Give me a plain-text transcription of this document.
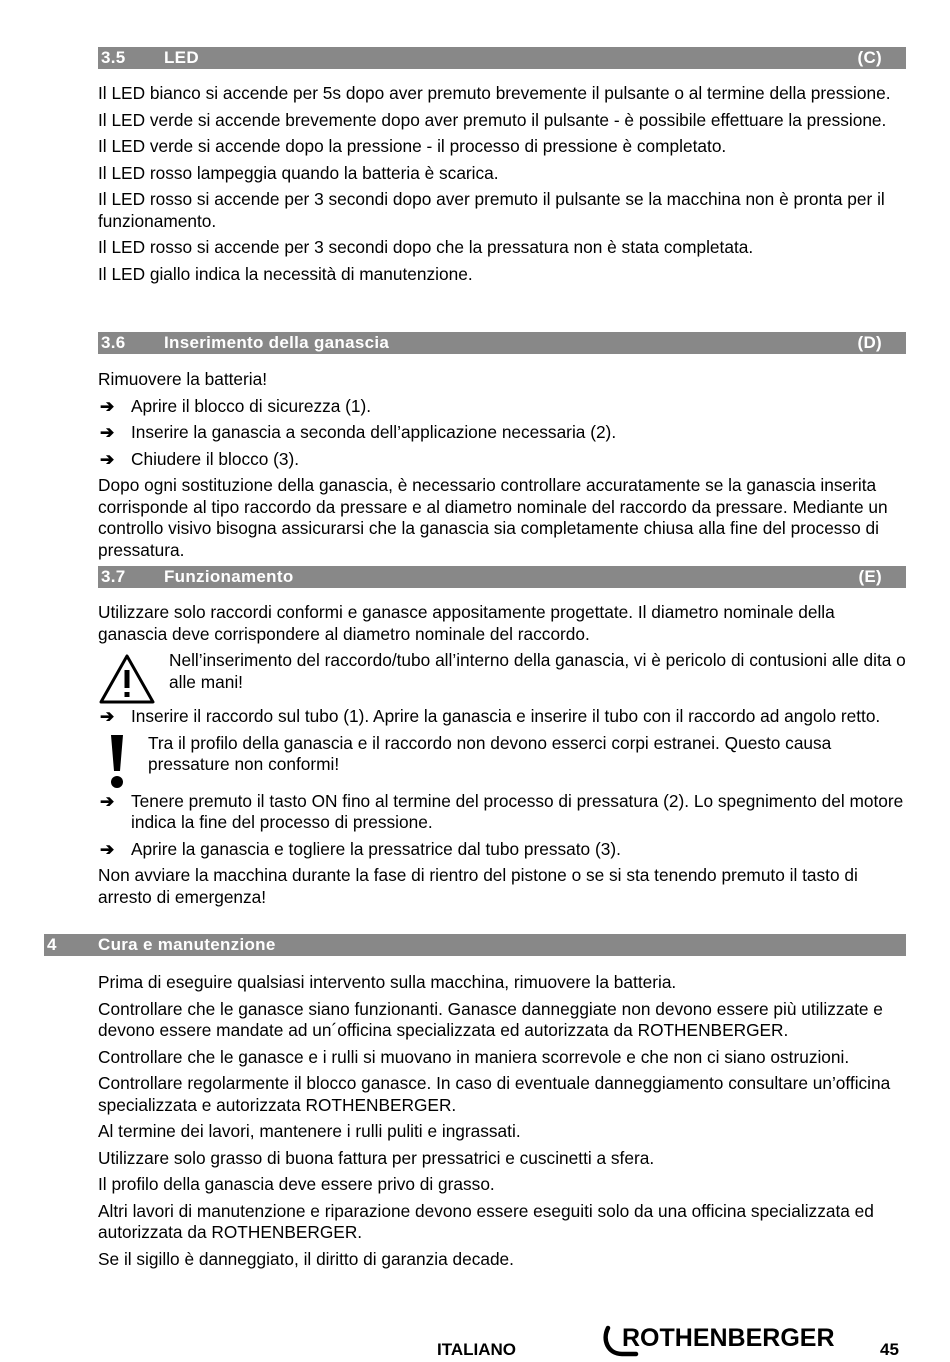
3.5 LED	(C)

Il LED bianco si accende per 5s dopo aver premuto brevemente il pulsante o al termine della pressione.

Il LED verde si accende brevemente dopo aver premuto il pulsante - è possibile effettuare la pressione.

Il LED verde si accende dopo la pressione - il processo di pressione è completato.

Il LED rosso lampeggia quando la batteria è scarica.

Il LED rosso si accende per 3 secondi dopo aver premuto il pulsante se la macchina non è pronta per il funzionamento.

Il LED rosso si accende per 3 secondi dopo che la pressatura non è stata completata.

Il LED giallo indica la necessità di manutenzione.

3.6 Inserimento della ganascia	(D)

Rimuovere la batteria!

➔ Aprire il blocco di sicurezza (1).
➔ Inserire la ganascia a seconda dell’applicazione necessaria (2).
➔ Chiudere il blocco (3).

Dopo ogni sostituzione della ganascia, è necessario controllare accuratamente se la ganascia inserita corrisponde al tipo raccordo da pressare e al diametro nominale del raccordo da pressare. Mediante un controllo visivo bisogna assicurarsi che la ganascia sia completamente chiusa alla fine del processo di pressatura.

3.7 Funzionamento	(E)

Utilizzare solo raccordi conformi e ganasce appositamente progettate. Il diametro nominale della ganascia deve corrispondere al diametro nominale del raccordo.

Nell’inserimento del raccordo/tubo all’interno della ganascia, vi è pericolo di contusioni alle dita o alle mani!
➔ Inserire il raccordo sul tubo (1). Aprire la ganascia e inserire il tubo con il raccordo ad angolo retto.
Tra il profilo della ganascia e il raccordo non devono esserci corpi estranei. Questo causa pressature non conformi!
➔ Tenere premuto il tasto ON fino al termine del processo di pressatura (2). Lo spegnimento del motore indica la fine del processo di pressione.
➔ Aprire la ganascia e togliere la pressatrice dal tubo pressato (3).

Non avviare la macchina durante la fase di rientro del pistone o se si sta tenendo premuto il tasto di arresto di emergenza!

4 Cura e manutenzione

Prima di eseguire qualsiasi intervento sulla macchina, rimuovere la batteria.

Controllare che le ganasce siano funzionanti. Ganasce danneggiate non devono essere più utilizzate e devono essere mandate ad un´officina specializzata ed autorizzata da ROTHENBERGER.

Controllare che le ganasce e i rulli si muovano in maniera scorrevole e che non ci siano ostruzioni.

Controllare regolarmente il blocco ganasce. In caso di eventuale danneggiamento consultare un’officina specializzata e autorizzata ROTHENBERGER.

Al termine dei lavori, mantenere i rulli puliti e ingrassati.

Utilizzare solo grasso di buona fattura per pressatrici e cuscinetti a sfera.

Il profilo della ganascia deve essere privo di grasso.

Altri lavori di manutenzione e riparazione devono essere eseguiti solo da una officina specializzata ed autorizzata da ROTHENBERGER.

Se il sigillo è danneggiato, il diritto di garanzia decade.

ITALIANO	ROTHENBERGER	45
